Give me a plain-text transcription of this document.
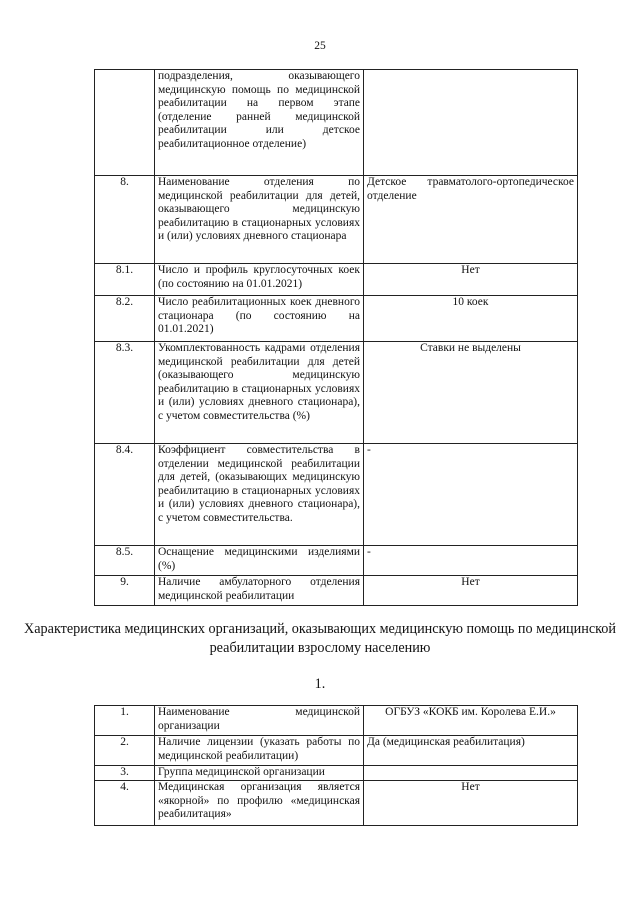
25
	подразделения, оказывающего медицинскую помощь по медицинской реабилитации на первом этапе (отделение ранней медицинской реабилитации или детское реабилитационное отделение)	
8.	Наименование отделения по медицинской реабилитации для детей, оказывающего медицинскую реабилитацию в стационарных условиях и (или) условиях дневного стационара	Детское травматолого-ортопедическое отделение
8.1.	Число и профиль круглосуточных коек (по состоянию на 01.01.2021)	Нет
8.2.	Число реабилитационных коек дневного стационара (по состоянию на 01.01.2021)	10 коек
8.3.	Укомплектованность кадрами отделения медицинской реабилитации для детей (оказывающего медицинскую реабилитацию в стационарных условиях и (или) условиях дневного стационара), с учетом совместительства (%)	Ставки не выделены
8.4.	Коэффициент совместительства в отделении медицинской реабилитации для детей, (оказывающих медицинскую реабилитацию в стационарных условиях и (или) условиях дневного стационара), с учетом совместительства.	-
8.5.	Оснащение медицинскими изделиями (%)	-
9.	Наличие амбулаторного отделения медицинской реабилитации	Нет
Характеристика медицинских организаций, оказывающих медицинскую помощь по медицинской реабилитации взрослому населению
1.
1.	Наименование медицинской организации	ОГБУЗ «КОКБ им. Королева Е.И.»
2.	Наличие лицензии (указать работы по медицинской реабилитации)	Да (медицинская реабилитация)
3.	Группа медицинской организации	
4.	Медицинская организация является «якорной» по профилю «медицинская реабилитация»	Нет
